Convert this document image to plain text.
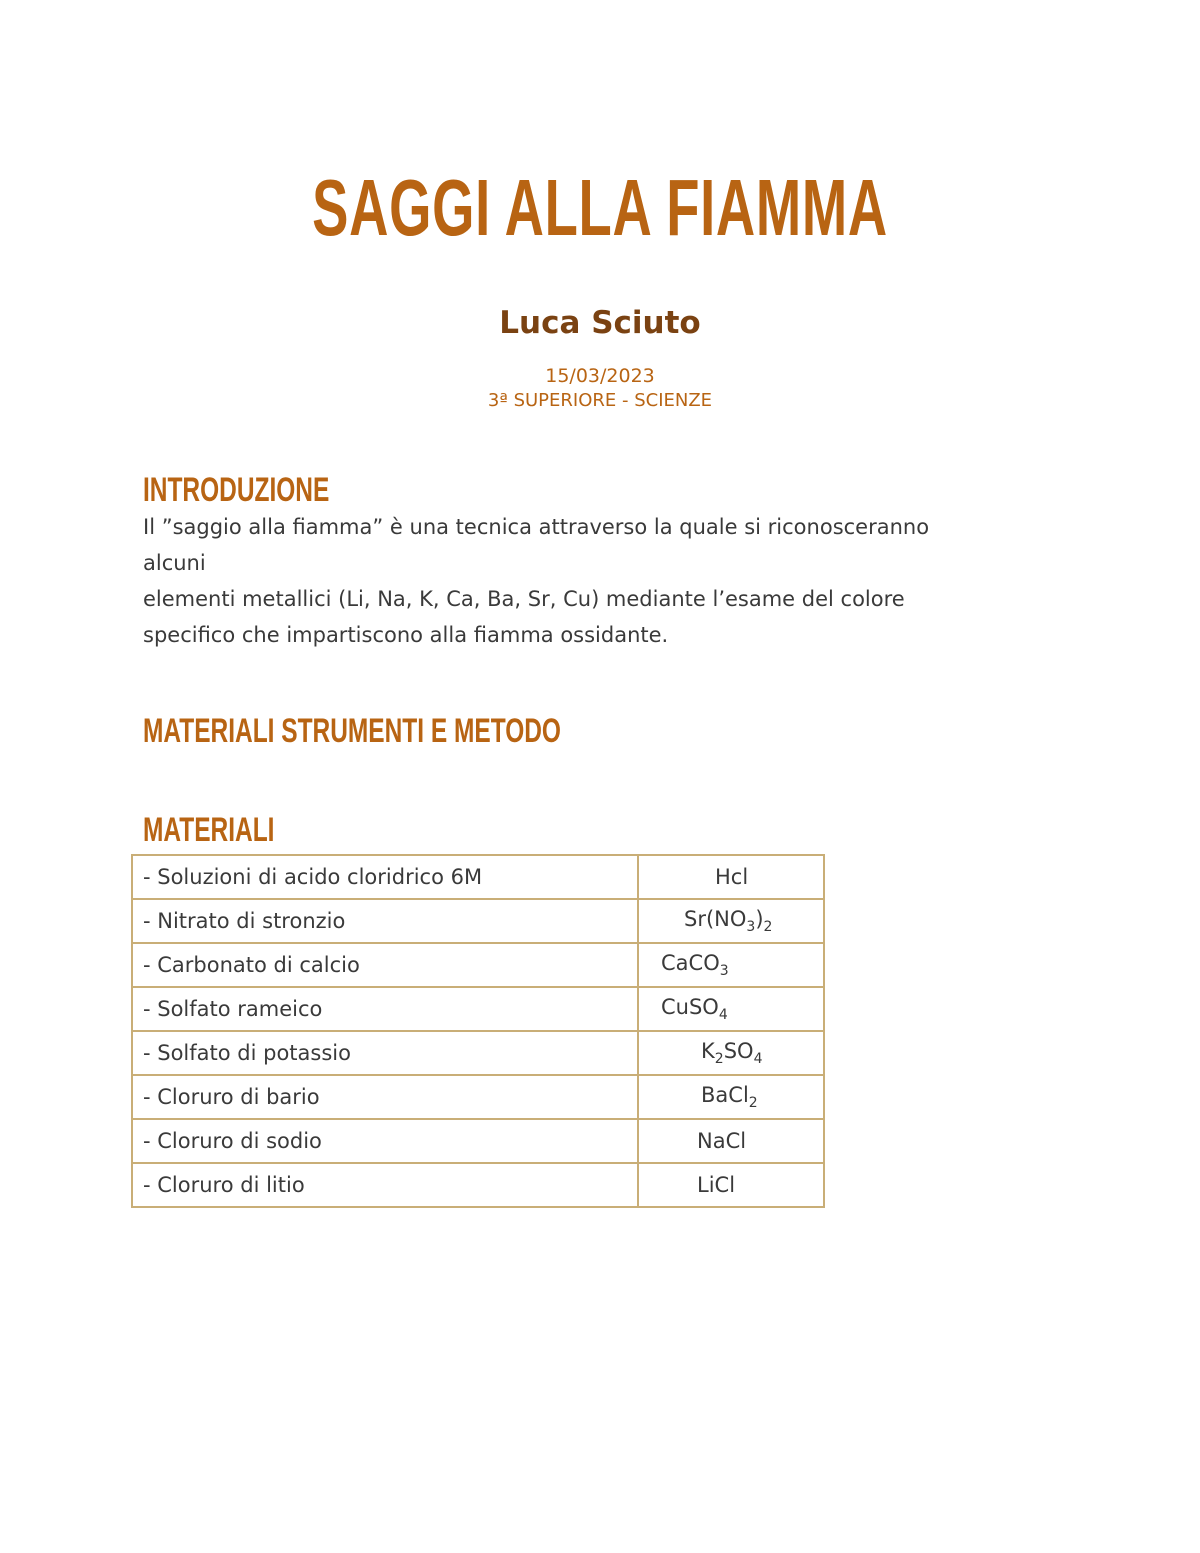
SAGGI ALLA FIAMMA
Luca Sciuto
15/03/2023
3ª SUPERIORE - SCIENZE
INTRODUZIONE
Il ”saggio alla fiamma” è una tecnica attraverso la quale si riconosceranno
alcuni
elementi metallici (Li, Na, K, Ca, Ba, Sr, Cu) mediante l’esame del colore
specifico che impartiscono alla fiamma ossidante.
MATERIALI STRUMENTI E METODO
MATERIALI
- Soluzioni di acido cloridrico 6M	Hcl
- Nitrato di stronzio	$Sr(NO_3)_2$
- Carbonato di calcio	CaCO$_3$
- Solfato rameico	CuSO$_4$
- Solfato di potassio	$K_2SO_4$
- Cloruro di bario	BaCl$_2$
- Cloruro di sodio	NaCl
- Cloruro di litio	LiCl
